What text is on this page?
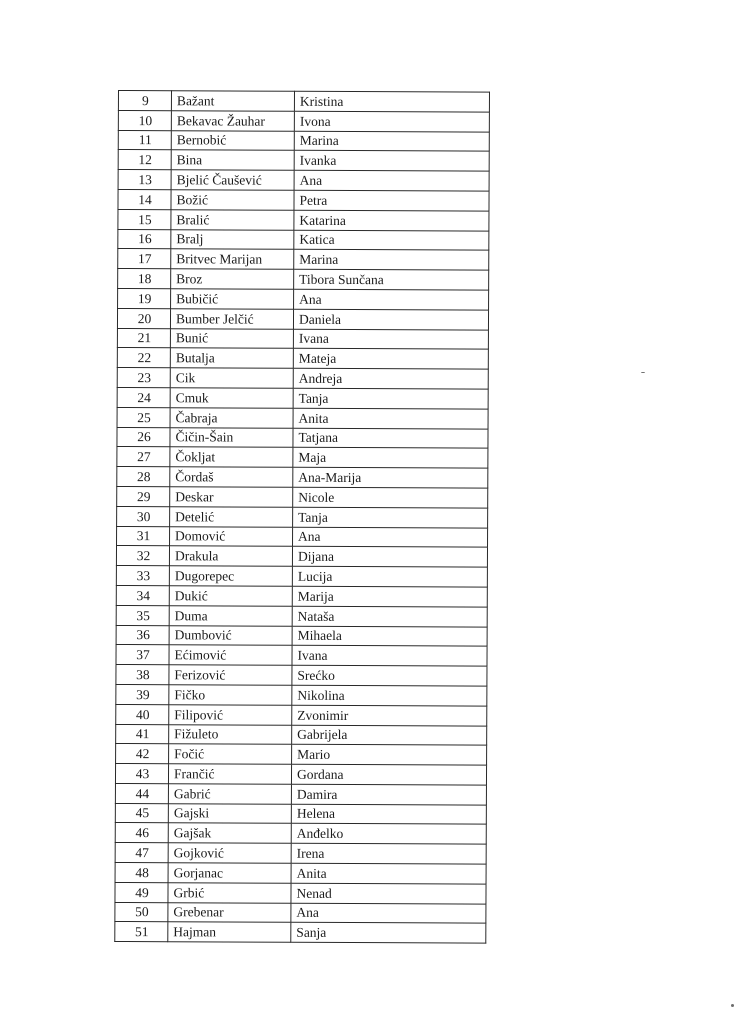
9	Bažant	Kristina
10	Bekavac Žauhar	Ivona
11	Bernobić	Marina
12	Bina	Ivanka
13	Bjelić Čaušević	Ana
14	Božić	Petra
15	Bralić	Katarina
16	Bralj	Katica
17	Britvec Marijan	Marina
18	Broz	Tibora Sunčana
19	Bubičić	Ana
20	Bumber Jelčić	Daniela
21	Bunić	Ivana
22	Butalja	Mateja
23	Cik	Andreja
24	Cmuk	Tanja
25	Čabraja	Anita
26	Čičin-Šain	Tatjana
27	Čokljat	Maja
28	Čordaš	Ana-Marija
29	Deskar	Nicole
30	Detelić	Tanja
31	Domović	Ana
32	Drakula	Dijana
33	Dugorepec	Lucija
34	Dukić	Marija
35	Duma	Nataša
36	Dumbović	Mihaela
37	Ećimović	Ivana
38	Ferizović	Srećko
39	Fičko	Nikolina
40	Filipović	Zvonimir
41	Fižuleto	Gabrijela
42	Fočić	Mario
43	Frančić	Gordana
44	Gabrić	Damira
45	Gajski	Helena
46	Gajšak	Anđelko
47	Gojković	Irena
48	Gorjanac	Anita
49	Grbić	Nenad
50	Grebenar	Ana
51	Hajman	Sanja
